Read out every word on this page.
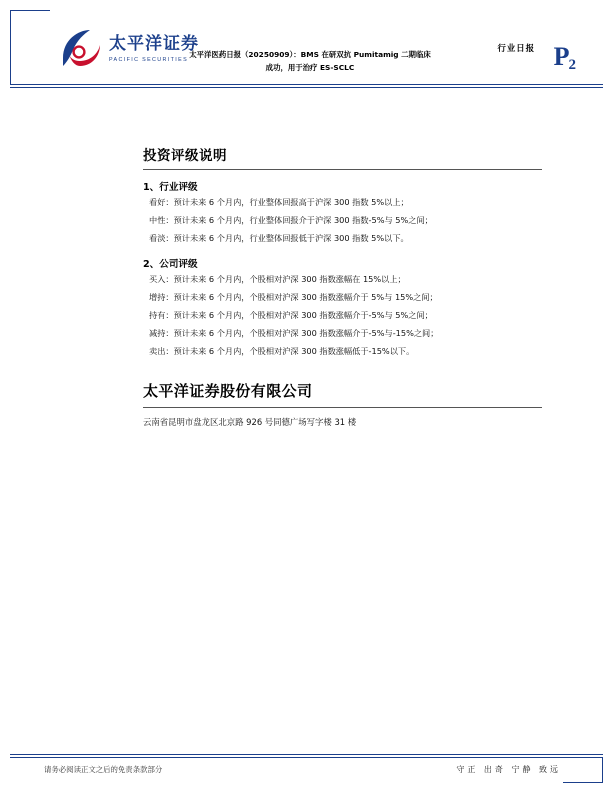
太平洋证券
PACIFIC SECURITIES
太平洋医药日报（20250909）：BMS 在研双抗 Pumitamig 二期临床成功，用于治疗 ES-SCLC
行业日报 $P_2$
投资评级说明
1、行业评级
看好：预计未来 6 个月内，行业整体回报高于沪深 300 指数 5%以上；
中性：预计未来 6 个月内，行业整体回报介于沪深 300 指数-5%与 5%之间；
看淡：预计未来 6 个月内，行业整体回报低于沪深 300 指数 5%以下。
2、公司评级
买入：预计未来 6 个月内，个股相对沪深 300 指数涨幅在 15%以上；
增持：预计未来 6 个月内，个股相对沪深 300 指数涨幅介于 5%与 15%之间；
持有：预计未来 6 个月内，个股相对沪深 300 指数涨幅介于-5%与 5%之间；
减持：预计未来 6 个月内，个股相对沪深 300 指数涨幅介于-5%与-15%之间；
卖出：预计未来 6 个月内，个股相对沪深 300 指数涨幅低于-15%以下。
太平洋证券股份有限公司
云南省昆明市盘龙区北京路 926 号同德广场写字楼 31 楼
请务必阅读正文之后的免责条款部分	守正 出奇 宁静 致远
